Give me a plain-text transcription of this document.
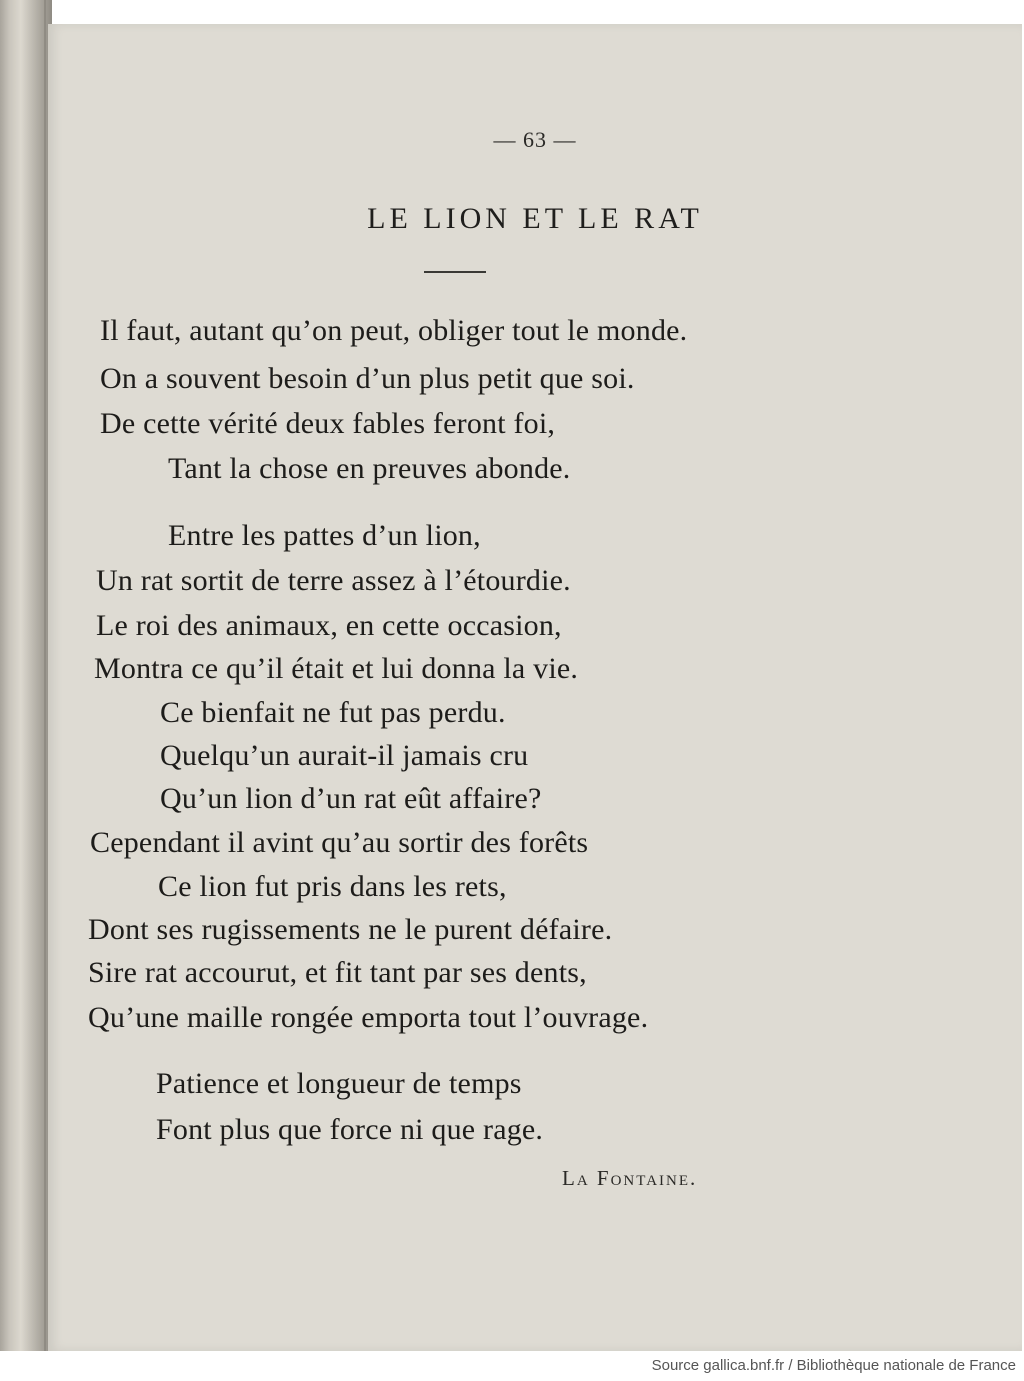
— 63 —
LE LION ET LE RAT
Il faut, autant qu’on peut, obliger tout le monde.
On a souvent besoin d’un plus petit que soi.
De cette vérité deux fables feront foi,
Tant la chose en preuves abonde.
Entre les pattes d’un lion,
Un rat sortit de terre assez à l’étourdie.
Le roi des animaux, en cette occasion,
Montra ce qu’il était et lui donna la vie.
Ce bienfait ne fut pas perdu.
Quelqu’un aurait-il jamais cru
Qu’un lion d’un rat eût affaire?
Cependant il avint qu’au sortir des forêts
Ce lion fut pris dans les rets,
Dont ses rugissements ne le purent défaire.
Sire rat accourut, et fit tant par ses dents,
Qu’une maille rongée emporta tout l’ouvrage.
Patience et longueur de temps
Font plus que force ni que rage.
La Fontaine.
Source gallica.bnf.fr / Bibliothèque nationale de France
